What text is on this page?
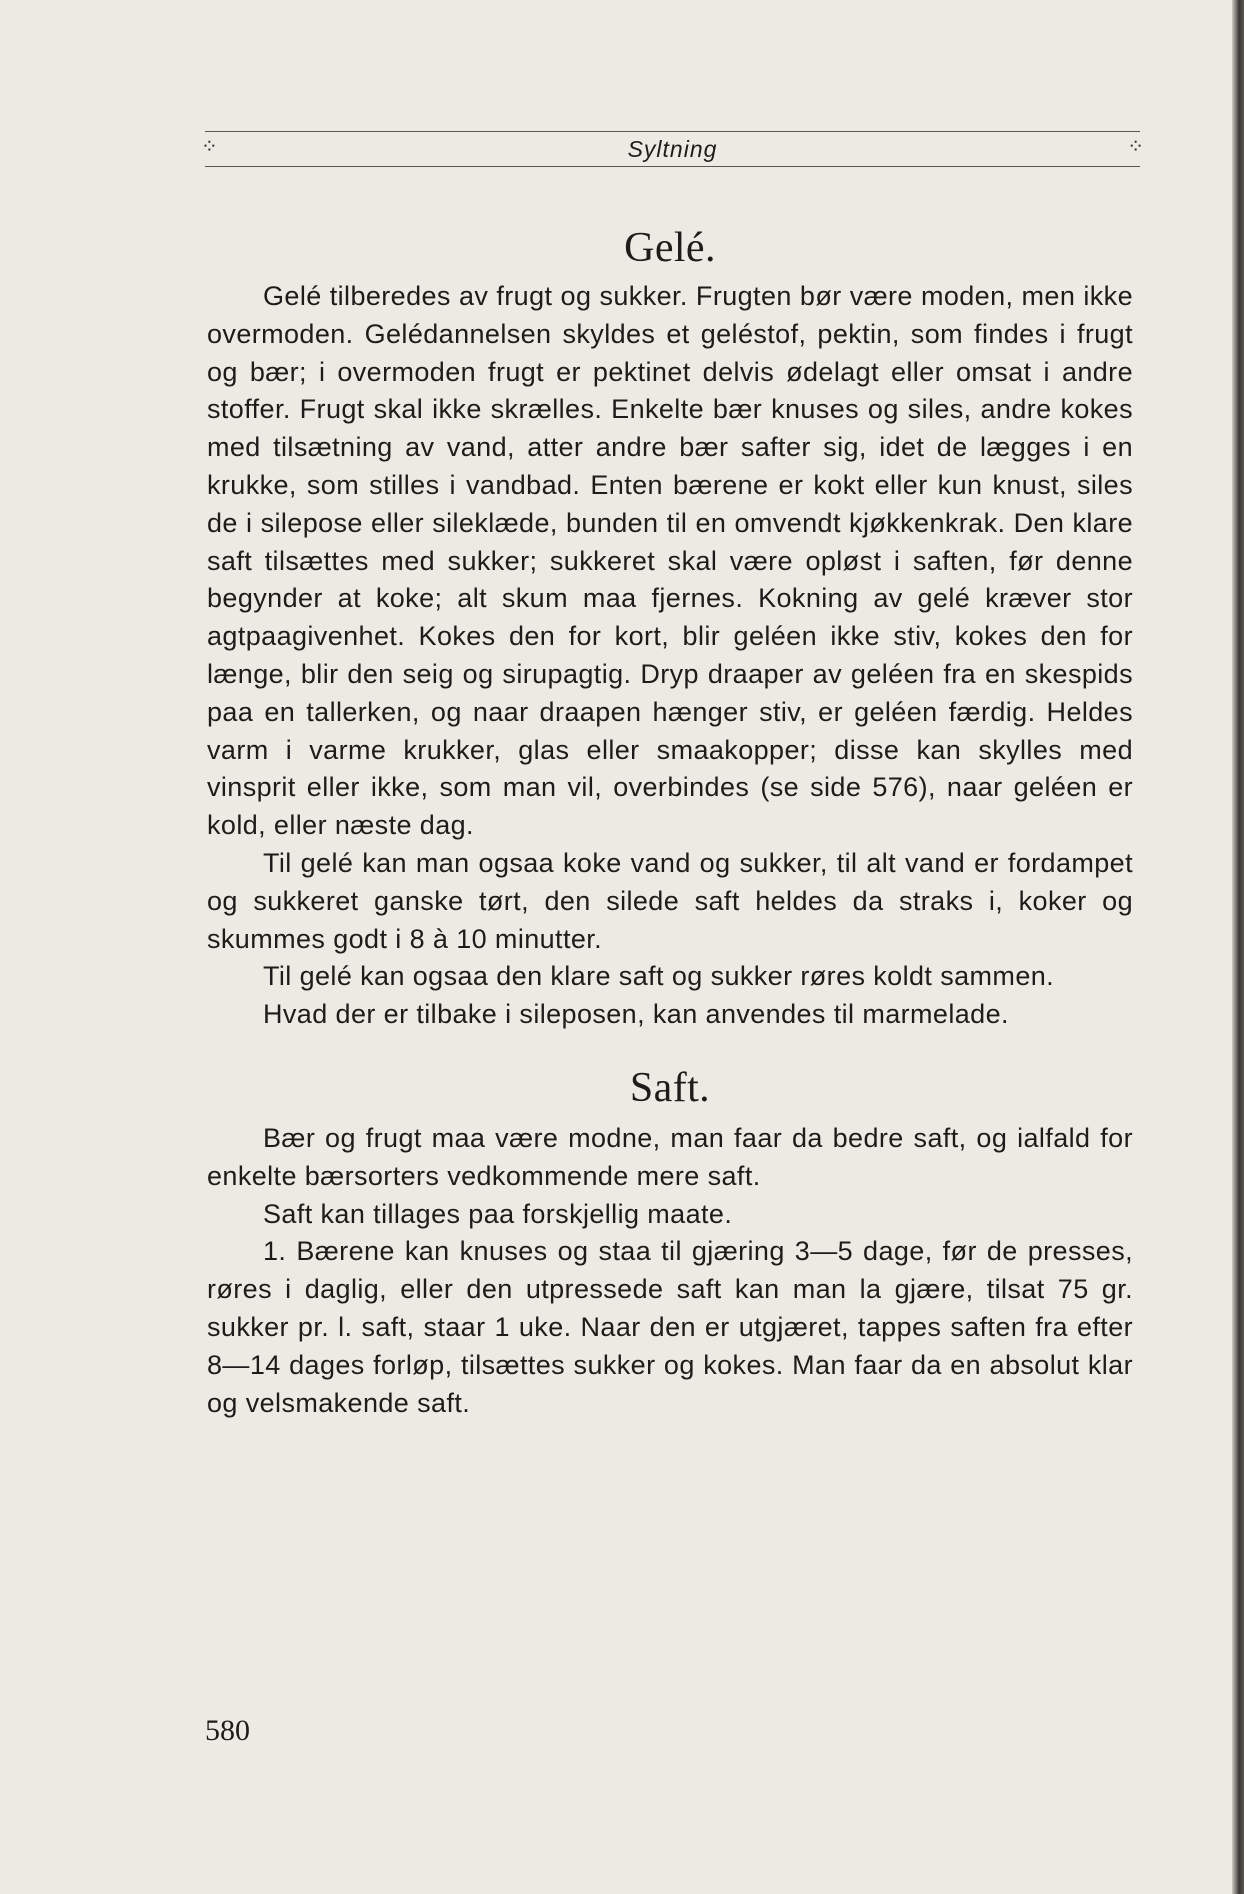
⁘	Syltning	⁘
Gelé.

Gelé tilberedes av frugt og sukker. Frugten bør være moden, men ikke overmoden. Gelédannelsen skyldes et geléstof, pektin, som findes i frugt og bær; i overmoden frugt er pektinet delvis ødelagt eller omsat i andre stoffer. Frugt skal ikke skrælles. Enkelte bær knuses og siles, andre kokes med tilsætning av vand, atter andre bær safter sig, idet de lægges i en krukke, som stilles i vandbad. Enten bærene er kokt eller kun knust, siles de i silepose eller sileklæde, bunden til en omvendt kjøkkenkrak. Den klare saft tilsættes med sukker; sukkeret skal være opløst i saften, før denne begynder at koke; alt skum maa fjernes. Kokning av gelé kræver stor agtpaagivenhet. Kokes den for kort, blir geléen ikke stiv, kokes den for længe, blir den seig og sirupagtig. Dryp draaper av geléen fra en skespids paa en tallerken, og naar draapen hænger stiv, er geléen færdig. Heldes varm i varme krukker, glas eller smaakopper; disse kan skylles med vinsprit eller ikke, som man vil, overbindes (se side 576), naar geléen er kold, eller næste dag.

Til gelé kan man ogsaa koke vand og sukker, til alt vand er fordampet og sukkeret ganske tørt, den silede saft heldes da straks i, koker og skummes godt i 8 à 10 minutter.

Til gelé kan ogsaa den klare saft og sukker røres koldt sammen.

Hvad der er tilbake i sileposen, kan anvendes til marmelade.

Saft.

Bær og frugt maa være modne, man faar da bedre saft, og ialfald for enkelte bærsorters vedkommende mere saft.

Saft kan tillages paa forskjellig maate.

1. Bærene kan knuses og staa til gjæring 3—5 dage, før de presses, røres i daglig, eller den utpressede saft kan man la gjære, tilsat 75 gr. sukker pr. l. saft, staar 1 uke. Naar den er utgjæret, tappes saften fra efter 8—14 dages forløp, tilsættes sukker og kokes. Man faar da en absolut klar og velsmakende saft.

580
